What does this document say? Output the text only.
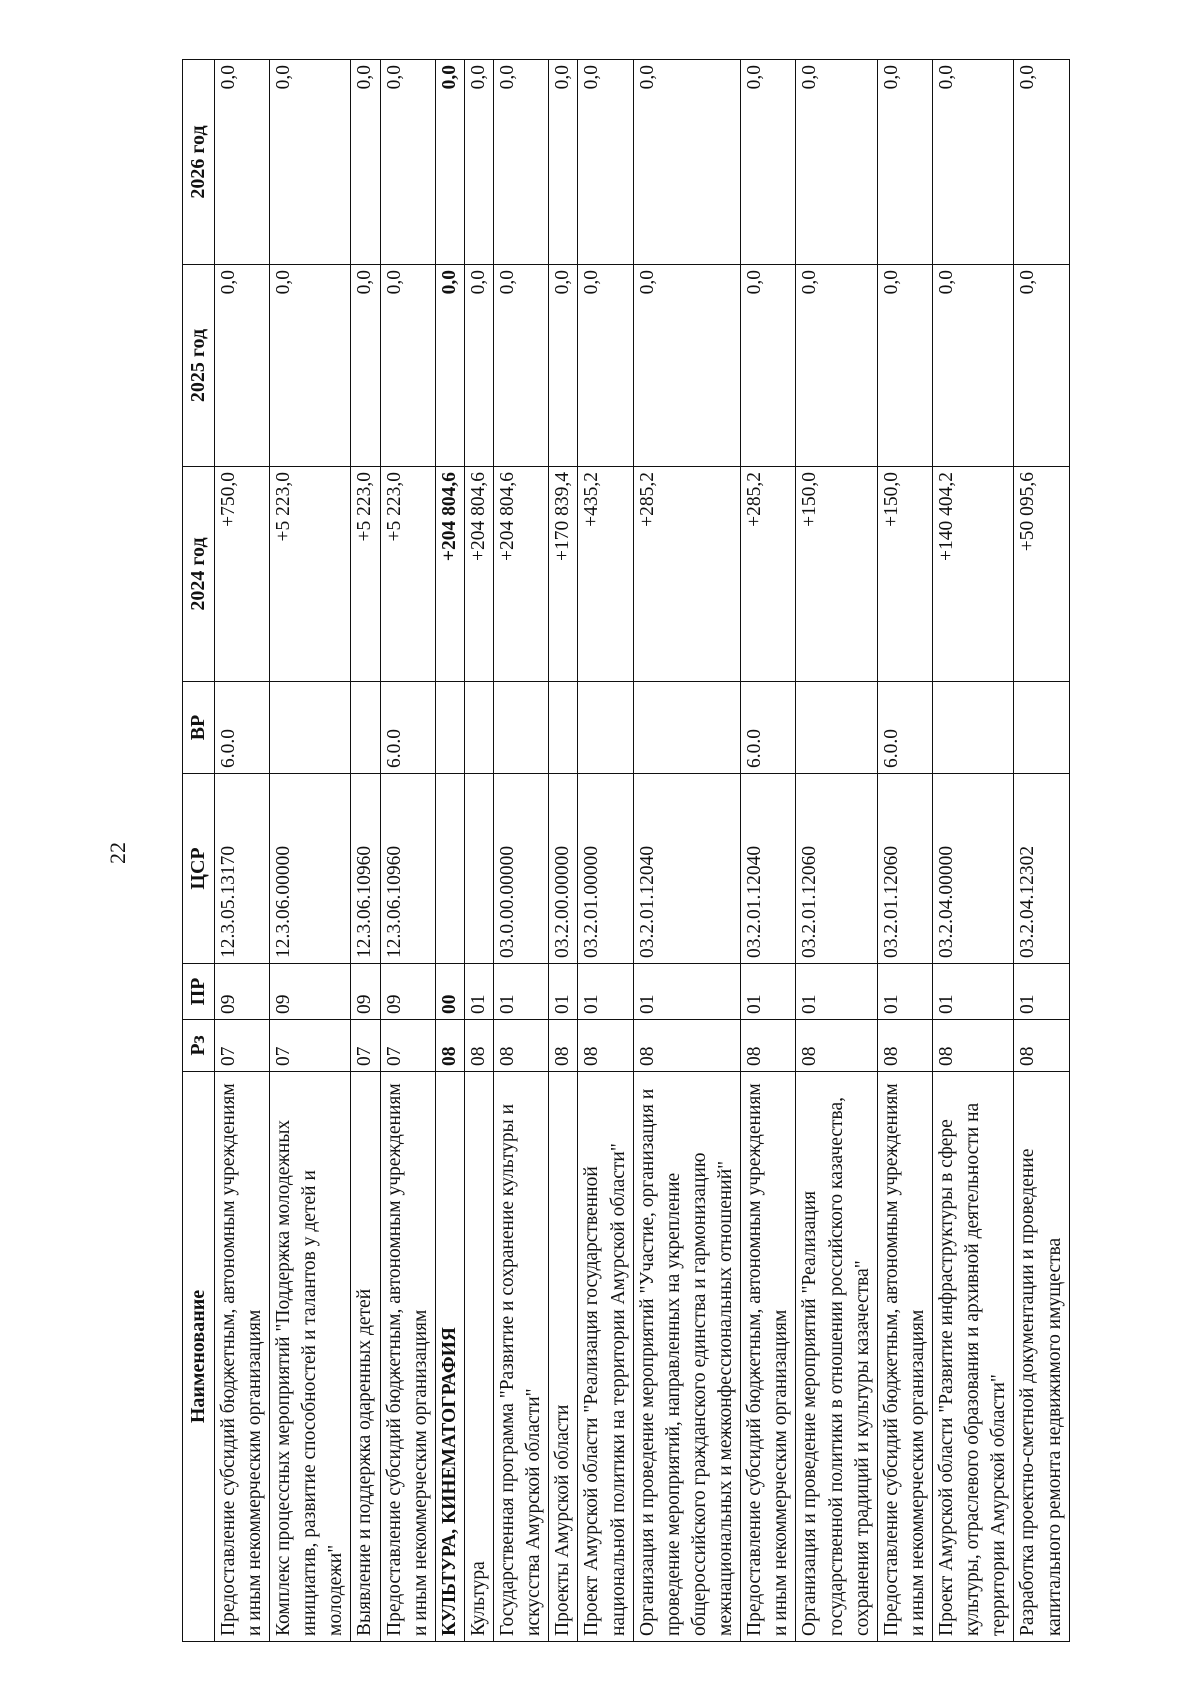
22
Наименование	Рз	ПР	ЦСР	ВР	2024 год	2025 год	2026 год
Предоставление субсидий бюджетным, автономным учреждениям и иным некоммерческим организациям	07	09	12.3.05.13170	6.0.0	+750,0	0,0	0,0
Комплекс процессных мероприятий "Поддержка молодежных инициатив, развитие способностей и талантов у детей и молодежи"	07	09	12.3.06.00000		+5 223,0	0,0	0,0
Выявление и поддержка одаренных детей	07	09	12.3.06.10960		+5 223,0	0,0	0,0
Предоставление субсидий бюджетным, автономным учреждениям и иным некоммерческим организациям	07	09	12.3.06.10960	6.0.0	+5 223,0	0,0	0,0
КУЛЬТУРА, КИНЕМАТОГРАФИЯ	08	00			+204 804,6	0,0	0,0
Культура	08	01			+204 804,6	0,0	0,0
Государственная программа "Развитие и сохранение культуры и искусства Амурской области"	08	01	03.0.00.00000		+204 804,6	0,0	0,0
Проекты Амурской области	08	01	03.2.00.00000		+170 839,4	0,0	0,0
Проект Амурской области "Реализация государственной национальной политики на территории Амурской области"	08	01	03.2.01.00000		+435,2	0,0	0,0
Организация и проведение мероприятий "Участие, организация и проведение мероприятий, направленных на укрепление общероссийского гражданского единства и гармонизацию межнациональных и межконфессиональных отношений"	08	01	03.2.01.12040		+285,2	0,0	0,0
Предоставление субсидий бюджетным, автономным учреждениям и иным некоммерческим организациям	08	01	03.2.01.12040	6.0.0	+285,2	0,0	0,0
Организация и проведение мероприятий "Реализация государственной политики в отношении российского казачества, сохранения традиций и культуры казачества"	08	01	03.2.01.12060		+150,0	0,0	0,0
Предоставление субсидий бюджетным, автономным учреждениям и иным некоммерческим организациям	08	01	03.2.01.12060	6.0.0	+150,0	0,0	0,0
Проект Амурской области "Развитие инфраструктуры в сфере культуры, отраслевого образования и архивной деятельности на территории Амурской области"	08	01	03.2.04.00000		+140 404,2	0,0	0,0
Разработка проектно-сметной документации и проведение капитального ремонта недвижимого имущества	08	01	03.2.04.12302		+50 095,6	0,0	0,0
